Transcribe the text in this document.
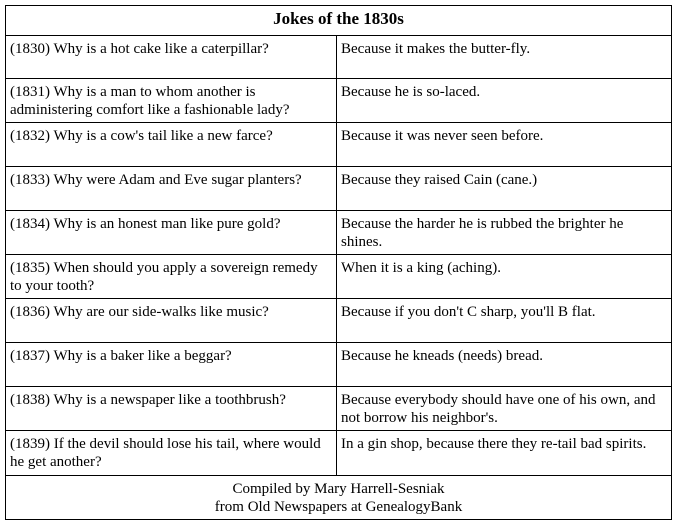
Jokes of the 1830s	
(1830) Why is a hot cake like a caterpillar?	Because it makes the butter-fly.
(1831) Why is a man to whom another is administering comfort like a fashionable lady?	Because he is so-laced.
(1832) Why is a cow's tail like a new farce?	Because it was never seen before.
(1833) Why were Adam and Eve sugar planters?	Because they raised Cain (cane.)
(1834) Why is an honest man like pure gold?	Because the harder he is rubbed the brighter he shines.
(1835) When should you apply a sovereign remedy to your tooth?	When it is a king (aching).
(1836) Why are our side-walks like music?	Because if you don't C sharp, you'll B flat.
(1837) Why is a baker like a beggar?	Because he kneads (needs) bread.
(1838) Why is a newspaper like a toothbrush?	Because everybody should have one of his own, and not borrow his neighbor's.
(1839) If the devil should lose his tail, where would he get another?	In a gin shop, because there they re-tail bad spirits.

Compiled by Mary Harrell-Sesniak
from Old Newspapers at GenealogyBank	
